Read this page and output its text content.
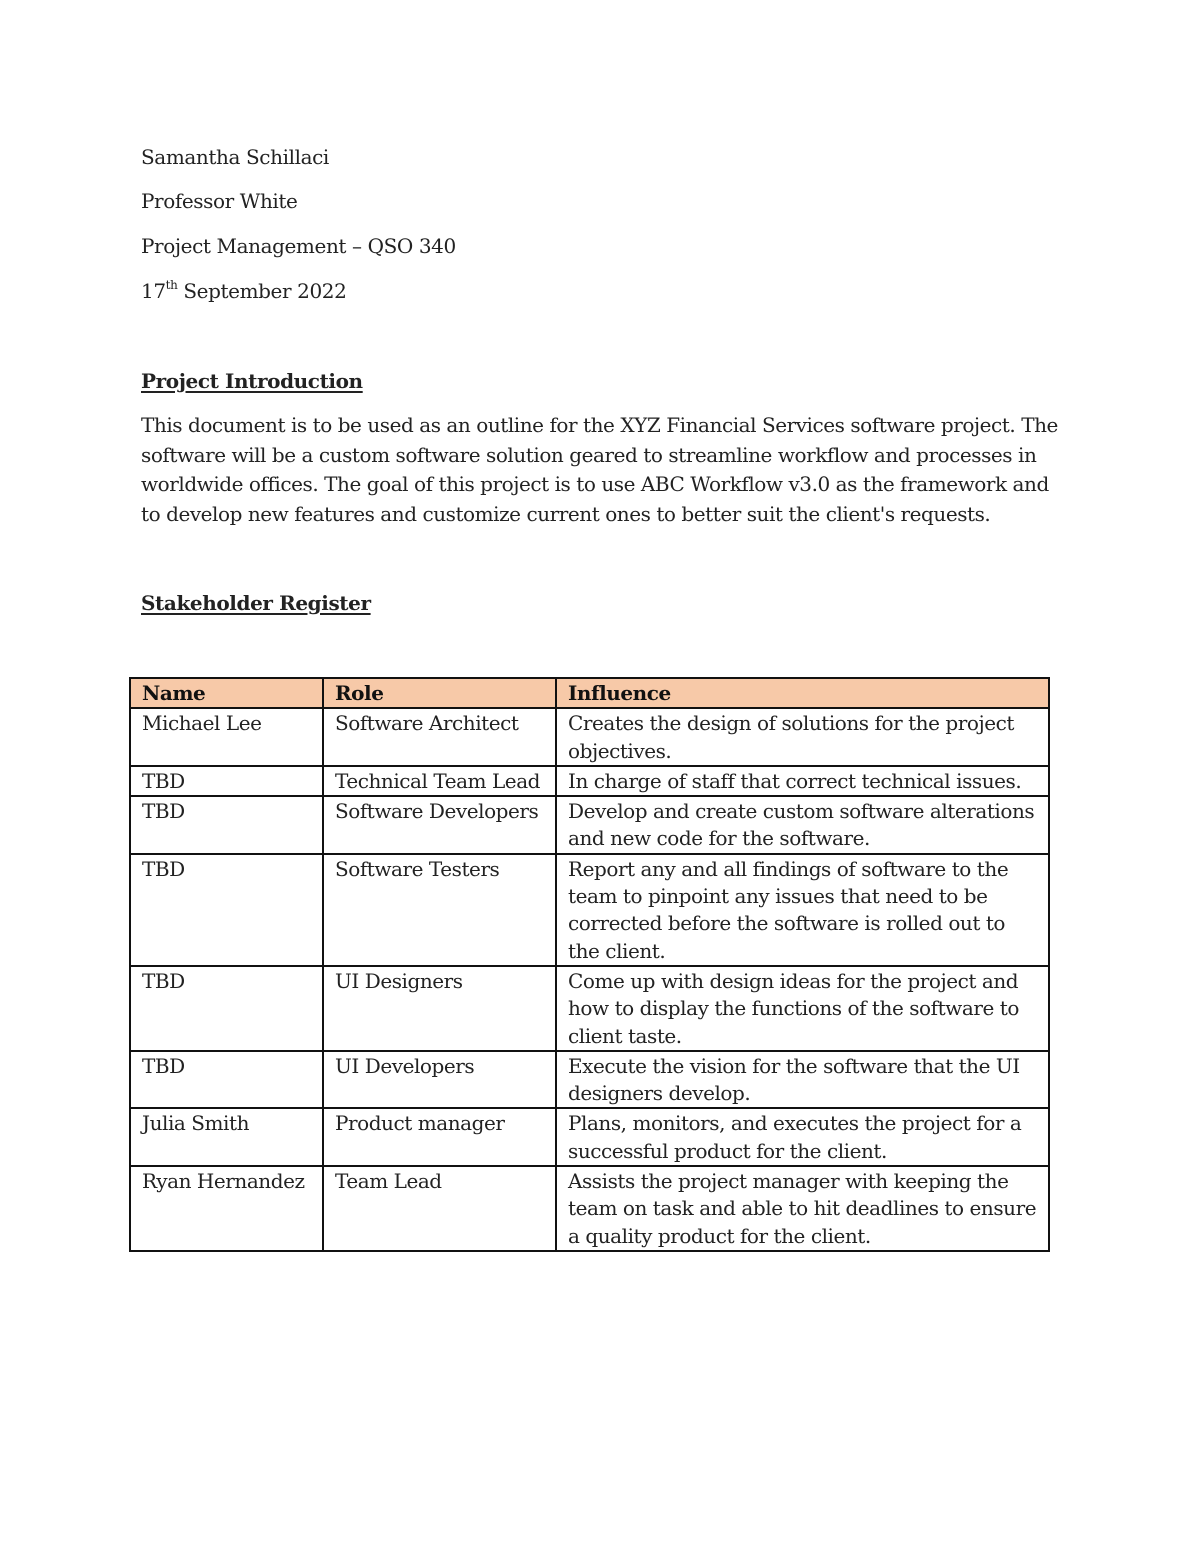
Samantha Schillaci
Professor White
Project Management – QSO 340
17th September 2022
Project Introduction
This document is to be used as an outline for the XYZ Financial Services software project. The
software will be a custom software solution geared to streamline workflow and processes in
worldwide offices. The goal of this project is to use ABC Workflow v3.0 as the framework and
to develop new features and customize current ones to better suit the client's requests.
Stakeholder Register
Name	Role	Influence
Michael Lee	Software Architect	Creates the design of solutions for the project objectives.
TBD	Technical Team Lead	In charge of staff that correct technical issues.
TBD	Software Developers	Develop and create custom software alterations and new code for the software.
TBD	Software Testers	Report any and all findings of software to the team to pinpoint any issues that need to be corrected before the software is rolled out to the client.
TBD	UI Designers	Come up with design ideas for the project and how to display the functions of the software to client taste.
TBD	UI Developers	Execute the vision for the software that the UI designers develop.
Julia Smith	Product manager	Plans, monitors, and executes the project for a successful product for the client.
Ryan Hernandez	Team Lead	Assists the project manager with keeping the team on task and able to hit deadlines to ensure a quality product for the client.
